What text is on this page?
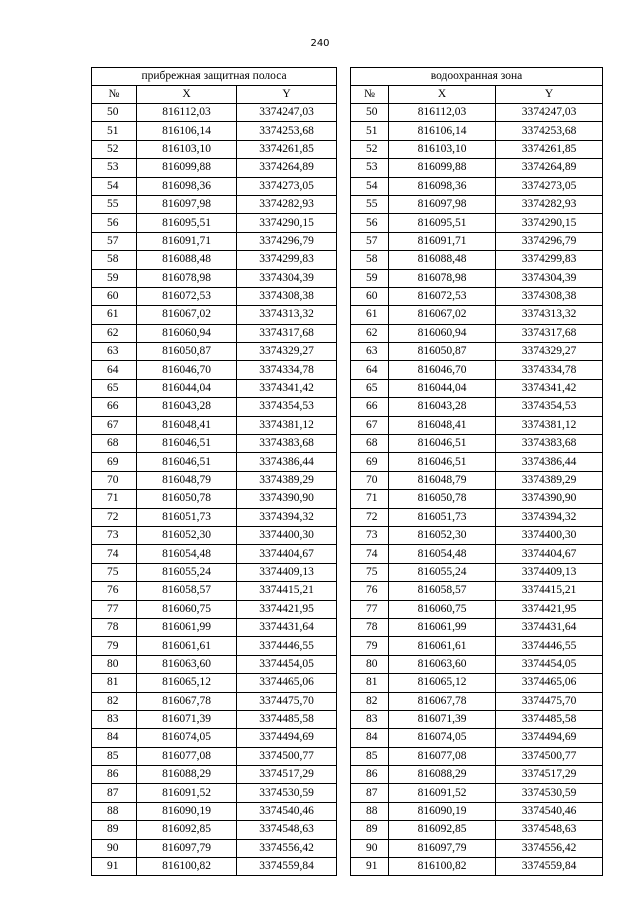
240
прибрежная защитная полоса				водоохранная зона		
№	X	Y		№	X	Y
50	816112,03	3374247,03		50	816112,03	3374247,03
51	816106,14	3374253,68		51	816106,14	3374253,68
52	816103,10	3374261,85		52	816103,10	3374261,85
53	816099,88	3374264,89		53	816099,88	3374264,89
54	816098,36	3374273,05		54	816098,36	3374273,05
55	816097,98	3374282,93		55	816097,98	3374282,93
56	816095,51	3374290,15		56	816095,51	3374290,15
57	816091,71	3374296,79		57	816091,71	3374296,79
58	816088,48	3374299,83		58	816088,48	3374299,83
59	816078,98	3374304,39		59	816078,98	3374304,39
60	816072,53	3374308,38		60	816072,53	3374308,38
61	816067,02	3374313,32		61	816067,02	3374313,32
62	816060,94	3374317,68		62	816060,94	3374317,68
63	816050,87	3374329,27		63	816050,87	3374329,27
64	816046,70	3374334,78		64	816046,70	3374334,78
65	816044,04	3374341,42		65	816044,04	3374341,42
66	816043,28	3374354,53		66	816043,28	3374354,53
67	816048,41	3374381,12		67	816048,41	3374381,12
68	816046,51	3374383,68		68	816046,51	3374383,68
69	816046,51	3374386,44		69	816046,51	3374386,44
70	816048,79	3374389,29		70	816048,79	3374389,29
71	816050,78	3374390,90		71	816050,78	3374390,90
72	816051,73	3374394,32		72	816051,73	3374394,32
73	816052,30	3374400,30		73	816052,30	3374400,30
74	816054,48	3374404,67		74	816054,48	3374404,67
75	816055,24	3374409,13		75	816055,24	3374409,13
76	816058,57	3374415,21		76	816058,57	3374415,21
77	816060,75	3374421,95		77	816060,75	3374421,95
78	816061,99	3374431,64		78	816061,99	3374431,64
79	816061,61	3374446,55		79	816061,61	3374446,55
80	816063,60	3374454,05		80	816063,60	3374454,05
81	816065,12	3374465,06		81	816065,12	3374465,06
82	816067,78	3374475,70		82	816067,78	3374475,70
83	816071,39	3374485,58		83	816071,39	3374485,58
84	816074,05	3374494,69		84	816074,05	3374494,69
85	816077,08	3374500,77		85	816077,08	3374500,77
86	816088,29	3374517,29		86	816088,29	3374517,29
87	816091,52	3374530,59		87	816091,52	3374530,59
88	816090,19	3374540,46		88	816090,19	3374540,46
89	816092,85	3374548,63		89	816092,85	3374548,63
90	816097,79	3374556,42		90	816097,79	3374556,42
91	816100,82	3374559,84		91	816100,82	3374559,84
